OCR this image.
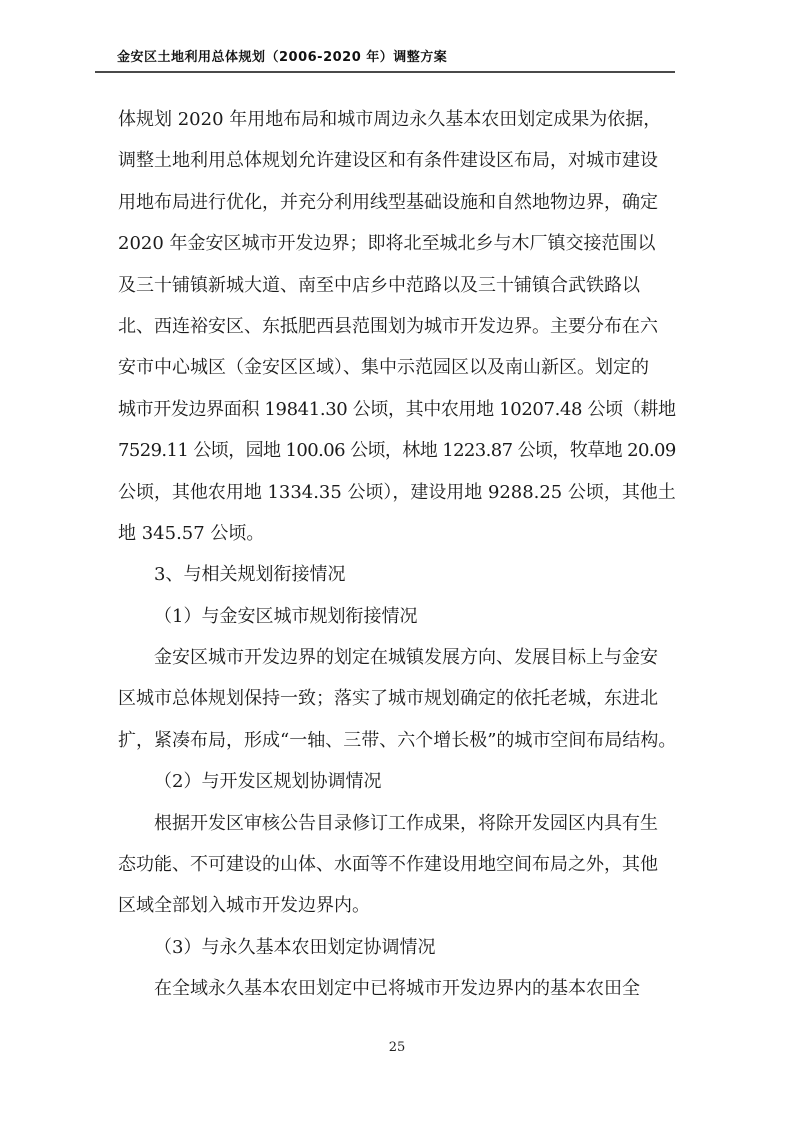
金安区土地利用总体规划（2006-2020 年）调整方案
体规划 2020 年用地布局和城市周边永久基本农田划定成果为依据，
调整土地利用总体规划允许建设区和有条件建设区布局，对城市建设
用地布局进行优化，并充分利用线型基础设施和自然地物边界，确定
2020 年金安区城市开发边界；即将北至城北乡与木厂镇交接范围以
及三十铺镇新城大道、南至中店乡中范路以及三十铺镇合武铁路以
北、西连裕安区、东抵肥西县范围划为城市开发边界。主要分布在六
安市中心城区（金安区区域）、集中示范园区以及南山新区。划定的
城市开发边界面积 19841.30 公顷，其中农用地 10207.48 公顷（耕地
7529.11 公顷，园地 100.06 公顷，林地 1223.87 公顷，牧草地 20.09
公顷，其他农用地 1334.35 公顷），建设用地 9288.25 公顷，其他土
地 345.57 公顷。
3、与相关规划衔接情况
（1）与金安区城市规划衔接情况
金安区城市开发边界的划定在城镇发展方向、发展目标上与金安
区城市总体规划保持一致；落实了城市规划确定的依托老城，东进北
扩，紧凑布局，形成“一轴、三带、六个增长极”的城市空间布局结构。
（2）与开发区规划协调情况
根据开发区审核公告目录修订工作成果，将除开发园区内具有生
态功能、不可建设的山体、水面等不作建设用地空间布局之外，其他
区域全部划入城市开发边界内。
（3）与永久基本农田划定协调情况
在全域永久基本农田划定中已将城市开发边界内的基本农田全
25
